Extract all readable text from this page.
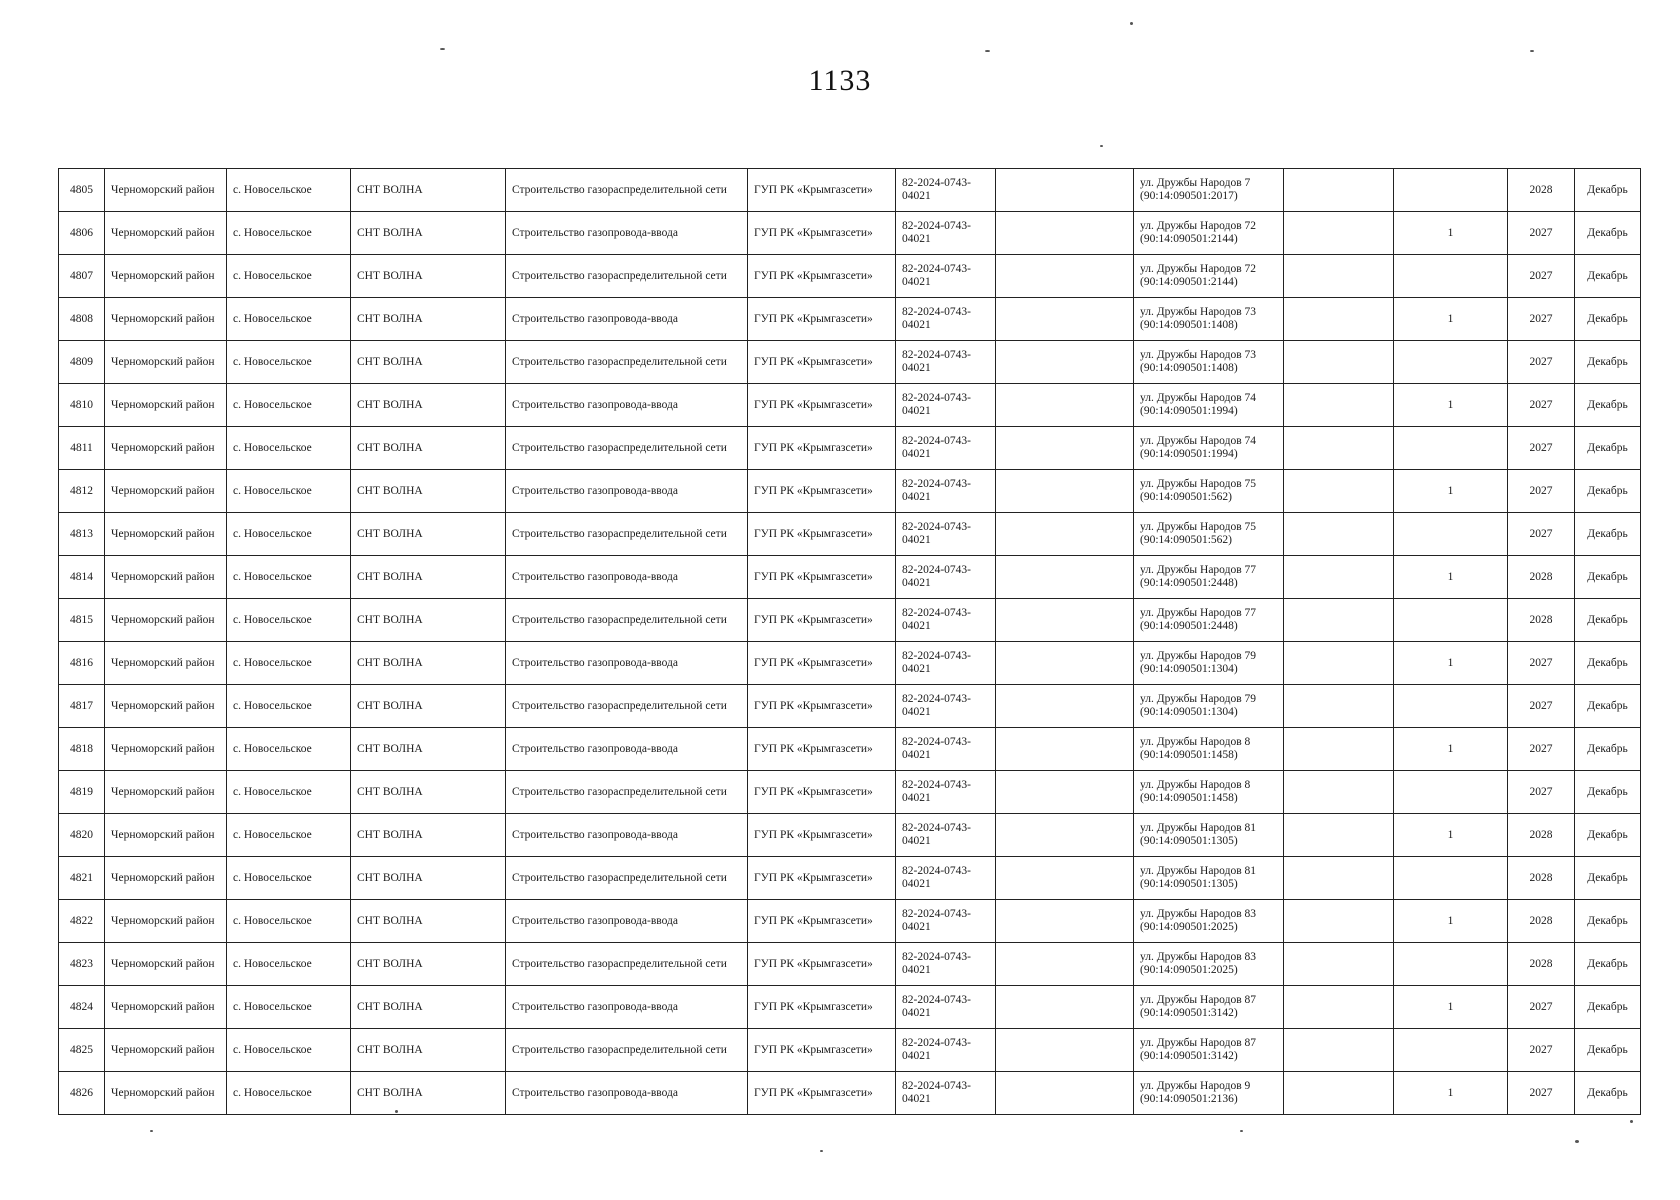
1133
4805	Черноморский район	с. Новосельское	СНТ ВОЛНА	Строительство газораспределительной сети	ГУП РК «Крымгазсети»	82-2024-0743-04021		ул. Дружбы Народов 7 (90:14:090501:2017)			2028	Декабрь
4806	Черноморский район	с. Новосельское	СНТ ВОЛНА	Строительство газопровода-ввода	ГУП РК «Крымгазсети»	82-2024-0743-04021		ул. Дружбы Народов 72 (90:14:090501:2144)		1	2027	Декабрь
4807	Черноморский район	с. Новосельское	СНТ ВОЛНА	Строительство газораспределительной сети	ГУП РК «Крымгазсети»	82-2024-0743-04021		ул. Дружбы Народов 72 (90:14:090501:2144)			2027	Декабрь
4808	Черноморский район	с. Новосельское	СНТ ВОЛНА	Строительство газопровода-ввода	ГУП РК «Крымгазсети»	82-2024-0743-04021		ул. Дружбы Народов 73 (90:14:090501:1408)		1	2027	Декабрь
4809	Черноморский район	с. Новосельское	СНТ ВОЛНА	Строительство газораспределительной сети	ГУП РК «Крымгазсети»	82-2024-0743-04021		ул. Дружбы Народов 73 (90:14:090501:1408)			2027	Декабрь
4810	Черноморский район	с. Новосельское	СНТ ВОЛНА	Строительство газопровода-ввода	ГУП РК «Крымгазсети»	82-2024-0743-04021		ул. Дружбы Народов 74 (90:14:090501:1994)		1	2027	Декабрь
4811	Черноморский район	с. Новосельское	СНТ ВОЛНА	Строительство газораспределительной сети	ГУП РК «Крымгазсети»	82-2024-0743-04021		ул. Дружбы Народов 74 (90:14:090501:1994)			2027	Декабрь
4812	Черноморский район	с. Новосельское	СНТ ВОЛНА	Строительство газопровода-ввода	ГУП РК «Крымгазсети»	82-2024-0743-04021		ул. Дружбы Народов 75 (90:14:090501:562)		1	2027	Декабрь
4813	Черноморский район	с. Новосельское	СНТ ВОЛНА	Строительство газораспределительной сети	ГУП РК «Крымгазсети»	82-2024-0743-04021		ул. Дружбы Народов 75 (90:14:090501:562)			2027	Декабрь
4814	Черноморский район	с. Новосельское	СНТ ВОЛНА	Строительство газопровода-ввода	ГУП РК «Крымгазсети»	82-2024-0743-04021		ул. Дружбы Народов 77 (90:14:090501:2448)		1	2028	Декабрь
4815	Черноморский район	с. Новосельское	СНТ ВОЛНА	Строительство газораспределительной сети	ГУП РК «Крымгазсети»	82-2024-0743-04021		ул. Дружбы Народов 77 (90:14:090501:2448)			2028	Декабрь
4816	Черноморский район	с. Новосельское	СНТ ВОЛНА	Строительство газопровода-ввода	ГУП РК «Крымгазсети»	82-2024-0743-04021		ул. Дружбы Народов 79 (90:14:090501:1304)		1	2027	Декабрь
4817	Черноморский район	с. Новосельское	СНТ ВОЛНА	Строительство газораспределительной сети	ГУП РК «Крымгазсети»	82-2024-0743-04021		ул. Дружбы Народов 79 (90:14:090501:1304)			2027	Декабрь
4818	Черноморский район	с. Новосельское	СНТ ВОЛНА	Строительство газопровода-ввода	ГУП РК «Крымгазсети»	82-2024-0743-04021		ул. Дружбы Народов 8 (90:14:090501:1458)		1	2027	Декабрь
4819	Черноморский район	с. Новосельское	СНТ ВОЛНА	Строительство газораспределительной сети	ГУП РК «Крымгазсети»	82-2024-0743-04021		ул. Дружбы Народов 8 (90:14:090501:1458)			2027	Декабрь
4820	Черноморский район	с. Новосельское	СНТ ВОЛНА	Строительство газопровода-ввода	ГУП РК «Крымгазсети»	82-2024-0743-04021		ул. Дружбы Народов 81 (90:14:090501:1305)		1	2028	Декабрь
4821	Черноморский район	с. Новосельское	СНТ ВОЛНА	Строительство газораспределительной сети	ГУП РК «Крымгазсети»	82-2024-0743-04021		ул. Дружбы Народов 81 (90:14:090501:1305)			2028	Декабрь
4822	Черноморский район	с. Новосельское	СНТ ВОЛНА	Строительство газопровода-ввода	ГУП РК «Крымгазсети»	82-2024-0743-04021		ул. Дружбы Народов 83 (90:14:090501:2025)		1	2028	Декабрь
4823	Черноморский район	с. Новосельское	СНТ ВОЛНА	Строительство газораспределительной сети	ГУП РК «Крымгазсети»	82-2024-0743-04021		ул. Дружбы Народов 83 (90:14:090501:2025)			2028	Декабрь
4824	Черноморский район	с. Новосельское	СНТ ВОЛНА	Строительство газопровода-ввода	ГУП РК «Крымгазсети»	82-2024-0743-04021		ул. Дружбы Народов 87 (90:14:090501:3142)		1	2027	Декабрь
4825	Черноморский район	с. Новосельское	СНТ ВОЛНА	Строительство газораспределительной сети	ГУП РК «Крымгазсети»	82-2024-0743-04021		ул. Дружбы Народов 87 (90:14:090501:3142)			2027	Декабрь
4826	Черноморский район	с. Новосельское	СНТ ВОЛНА	Строительство газопровода-ввода	ГУП РК «Крымгазсети»	82-2024-0743-04021		ул. Дружбы Народов 9 (90:14:090501:2136)		1	2027	Декабрь
